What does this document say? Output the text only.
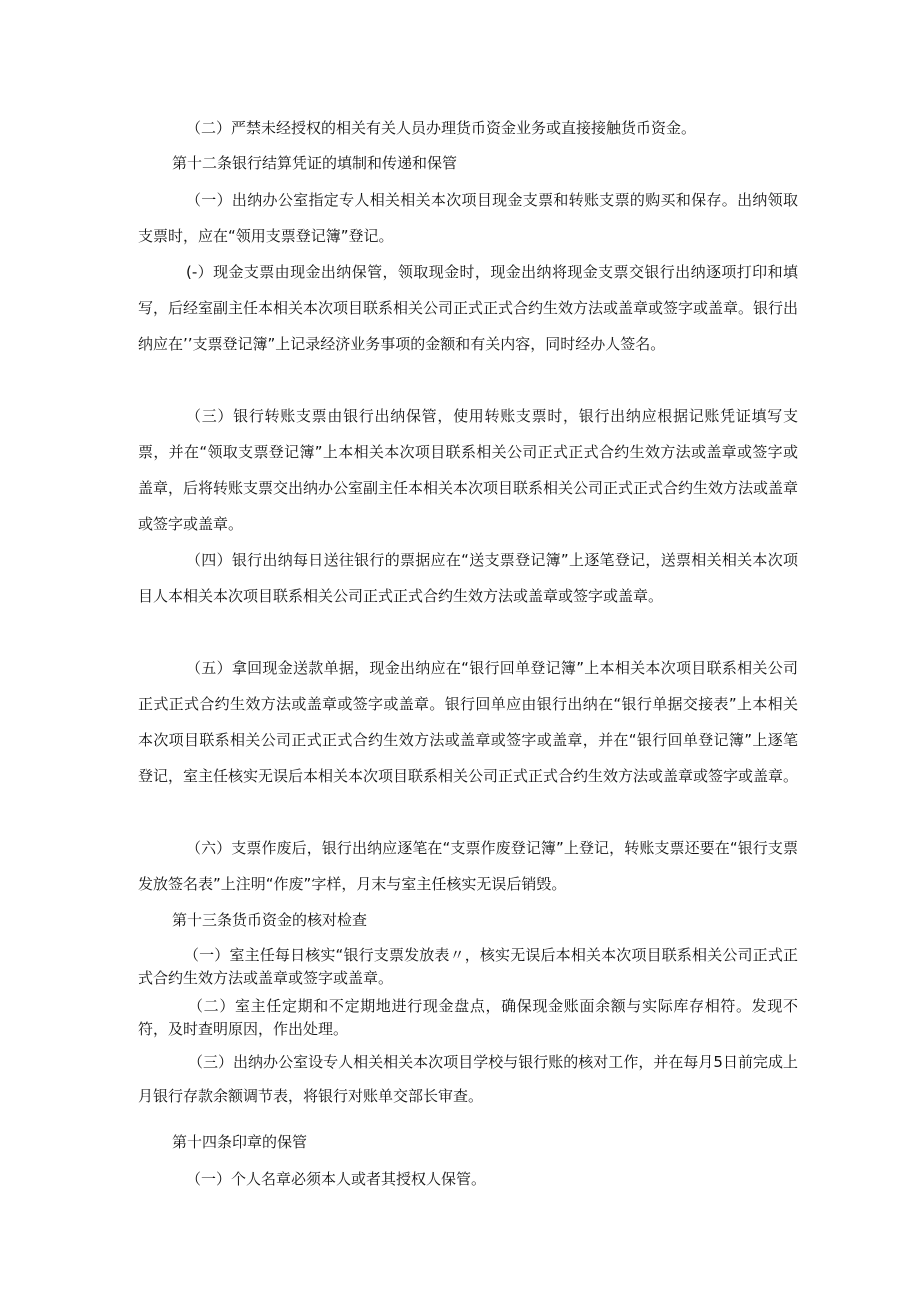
（二）严禁未经授权的相关有关人员办理货币资金业务或直接接触货币资金。

第十二条银行结算凭证的填制和传递和保管

（一）出纳办公室指定专人相关相关本次项目现金支票和转账支票的购买和保存。出纳领取支票时，应在“领用支票登记簿”登记。

(-）现金支票由现金出纳保管，领取现金时，现金出纳将现金支票交银行出纳逐项打印和填写，后经室副主任本相关本次项目联系相关公司正式正式合约生效方法或盖章或签字或盖章。银行出纳应在’’支票登记簿”上记录经济业务事项的金额和有关内容，同时经办人签名。

（三）银行转账支票由银行出纳保管，使用转账支票时，银行出纳应根据记账凭证填写支票，并在“领取支票登记簿”上本相关本次项目联系相关公司正式正式合约生效方法或盖章或签字或盖章，后将转账支票交出纳办公室副主任本相关本次项目联系相关公司正式正式合约生效方法或盖章或签字或盖章。

（四）银行出纳每日送往银行的票据应在“送支票登记簿”上逐笔登记，送票相关相关本次项目人本相关本次项目联系相关公司正式正式合约生效方法或盖章或签字或盖章。

（五）拿回现金送款单据，现金出纳应在“银行回单登记簿”上本相关本次项目联系相关公司正式正式合约生效方法或盖章或签字或盖章。银行回单应由银行出纳在“银行单据交接表”上本相关本次项目联系相关公司正式正式合约生效方法或盖章或签字或盖章，并在“银行回单登记簿”上逐笔登记，室主任核实无误后本相关本次项目联系相关公司正式正式合约生效方法或盖章或签字或盖章。

（六）支票作废后，银行出纳应逐笔在“支票作废登记簿”上登记，转账支票还要在“银行支票发放签名表”上注明“作废”字样，月末与室主任核实无误后销毁。

第十三条货币资金的核对检查

（一）室主任每日核实“银行支票发放表〃，核实无误后本相关本次项目联系相关公司正式正式合约生效方法或盖章或签字或盖章。

（二）室主任定期和不定期地进行现金盘点，确保现金账面余额与实际库存相符。发现不符，及时查明原因，作出处理。

（三）出纳办公室设专人相关相关本次项目学校与银行账的核对工作，并在每月5日前完成上月银行存款余额调节表，将银行对账单交部长审查。

第十四条印章的保管

（一）个人名章必须本人或者其授权人保管。
